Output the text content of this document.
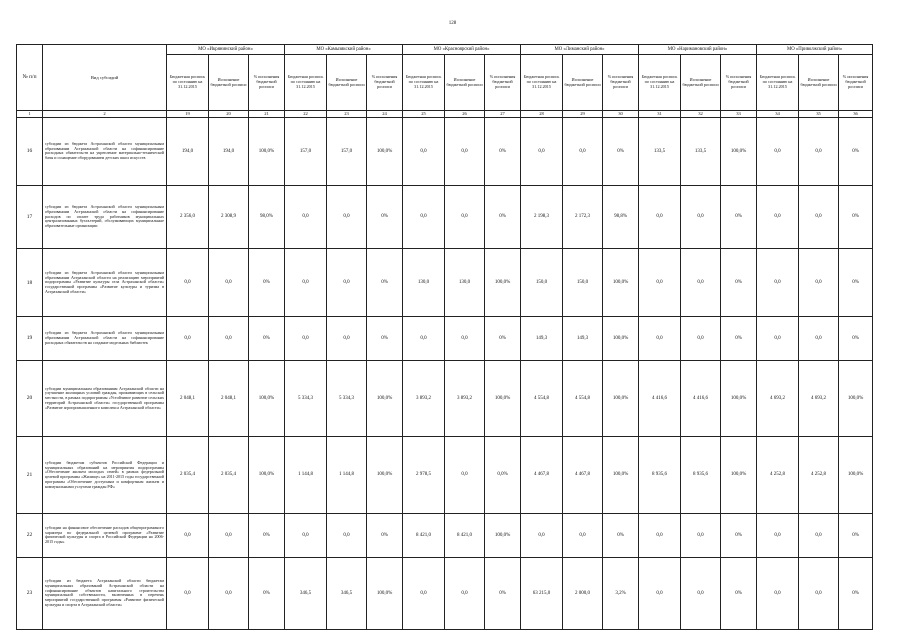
128
№ п/п	Вид субсидий	МО «Икрянинский район»			МО «Камызякский район»			МО «Красноярский район»			МО «Лиманский район»			МО «Наримановский район»			МО «Приволжский район»		
		Бюджетная роспись по состоянию на 31.12.2015	Исполнение бюджетной росписи	% исполнения бюджетной росписи	Бюджетная роспись по состоянию на 31.12.2015	Исполнение бюджетной росписи	% исполнения бюджетной росписи	Бюджетная роспись по состоянию на 31.12.2015	Исполнение бюджетной росписи	% исполнения бюджетной росписи	Бюджетная роспись по состоянию на 31.12.2015	Исполнение бюджетной росписи	% исполнения бюджетной росписи	Бюджетная роспись по состоянию на 31.12.2015	Исполнение бюджетной росписи	% исполнения бюджетной росписи	Бюджетная роспись по состоянию на 31.12.2015	Исполнение бюджетной росписи	% исполнения бюджетной росписи
1	2	19	20	21	22	23	24	25	26	27	28	29	30	31	32	33	34	35	36
16	субсидии из бюджета Астраханской области муниципальным образованиям Астраханской области на софинансирование расходных обязательств на укрепление материально-технической базы и оснащение оборудованием детских школ искусств	194,0	194,0	100,0%	157,0	157,0	100,0%	0,0	0,0	0%	0,0	0,0	0%	133,5	133,5	100,0%	0,0	0,0	0%
17	субсидии из бюджета Астраханской области муниципальным образованиям Астраханской области на софинансирование расходов по оплате труда работников муниципальных централизованных бухгалтерий, обслуживающих муниципальные образовательные организации	2 356,0	2 308,9	98,0%	0,0	0,0	0%	0,0	0,0	0%	2 198,3	2 172,3	98,8%	0,0	0,0	0%	0,0	0,0	0%
18	субсидии из бюджета Астраханской области муниципальным образованиям Астраханской области на реализацию мероприятий подпрограммы «Развитие культуры села Астраханской области» государственной программы «Развитие культуры и туризма в Астраханской области»	0,0	0,0	0%	0,0	0,0	0%	130,0	130,0	100,0%	150,0	150,0	100,0%	0,0	0,0	0%	0,0	0,0	0%
19	субсидии из бюджета Астраханской области муниципальным образованиям Астраханской области на софинансирование расходных обязательств на создание модельных библиотек	0,0	0,0	0%	0,0	0,0	0%	0,0	0,0	0%	149,3	149,3	100,0%	0,0	0,0	0%	0,0	0,0	0%
20	субсидии муниципальным образованиям Астраханской области на улучшение жилищных условий граждан, проживающих в сельской местности, в рамках подпрограммы «Устойчивое развитие сельских территорий Астраханской области» государственной программы «Развитие агропромышленного комплекса Астраханской области»	2 048,1	2 048,1	100,0%	5 334,3	5 334,3	100,0%	3 893,2	3 893,2	100,0%	4 554,8	4 554,8	100,0%	4 416,6	4 416,6	100,0%	4 693,2	4 693,2	100,0%
21	субсидии бюджетам субъектов Российской Федерации и муниципальных образований на мероприятия подпрограммы «Обеспечение жильем молодых семей» в рамках федеральной целевой программы «Жилище» на 2011-2015 годы государственной программы «Обеспечение доступным и комфортным жильем и коммунальными услугами граждан РФ»	2 035,4	2 035,4	100,0%	1 144,8	1 144,8	100,0%	2 978,5	0,0	0,0%	4 467,8	4 467,8	100,0%	8 935,6	8 935,6	100,0%	4 252,8	4 252,8	100,0%
22	субсидии на финансовое обеспечение расходов общепрограммного характера по федеральной целевой программе «Развитие физической культуры и спорта в Российской Федерации на 2006-2015 годы»	0,0	0,0	0%	0,0	0,0	0%	8 421,0	8 421,0	100,0%	0,0	0,0	0%	0,0	0,0	0%	0,0	0,0	0%
23	субсидии из бюджета Астраханской области бюджетам муниципальных образований Астраханской области на софинансирование объектов капитального строительства муниципальной собственности, включенных в перечень мероприятий государственной программы «Развитие физической культуры и спорта в Астраханской области»	0,0	0,0	0%	346,5	346,5	100,0%	0,0	0,0	0%	63 215,0	2 000,0	3,2%	0,0	0,0	0%	0,0	0,0	0%
